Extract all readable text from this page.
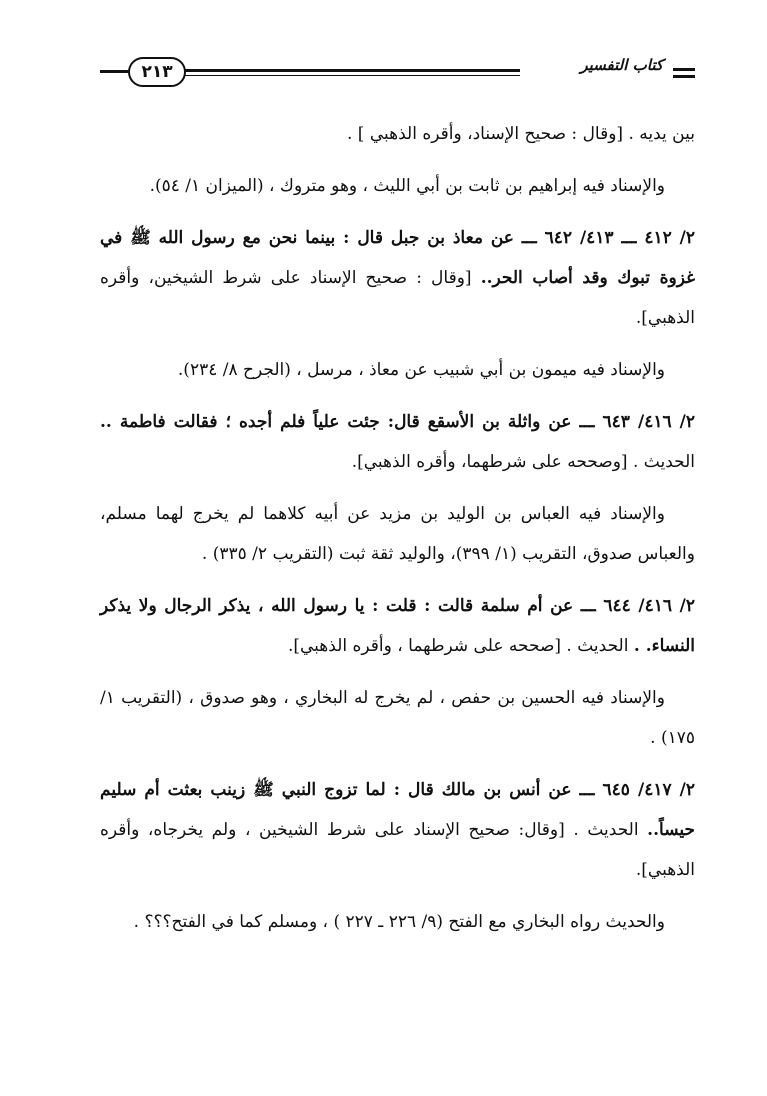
كتاب التفسير
٢١٣

بين يديه . [وقال : صحيح الإسناد، وأقره الذهبي ] .

والإسناد فيه إبراهيم بن ثابت بن أبي الليث ، وهو متروك ، (الميزان ١/ ٥٤).

٢/ ٤١٢ ـــ ٤١٣/ ٦٤٢ ـــ عن معاذ بن جبل قال : بينما نحن مع رسول الله ﷺ في غزوة تبوك وقد أصاب الحر.. [وقال : صحيح الإسناد على شرط الشيخين، وأقره الذهبي].

والإسناد فيه ميمون بن أبي شبيب عن معاذ ، مرسل ، (الجرح ٨/ ٢٣٤).

٢/ ٤١٦/ ٦٤٣ ـــ عن واثلة بن الأسقع قال: جئت علياً فلم أجده ؛ فقالت فاطمة .. الحديث . [وصححه على شرطهما، وأقره الذهبي].

والإسناد فيه العباس بن الوليد بن مزيد عن أبيه كلاهما لم يخرج لهما مسلم، والعباس صدوق، التقريب (١/ ٣٩٩)، والوليد ثقة ثبت (التقريب ٢/ ٣٣٥) .

٢/ ٤١٦/ ٦٤٤ ـــ عن أم سلمة قالت : قلت : يا رسول الله ، يذكر الرجال ولا يذكر النساء. . الحديث . [صححه على شرطهما ، وأقره الذهبي].

والإسناد فيه الحسين بن حفص ، لم يخرج له البخاري ، وهو صدوق ، (التقريب ١/ ١٧٥) .

٢/ ٤١٧/ ٦٤٥ ـــ عن أنس بن مالك قال : لما تزوج النبي ﷺ زينب بعثت أم سليم حيساً.. الحديث . [وقال: صحيح الإسناد على شرط الشيخين ، ولم يخرجاه، وأقره الذهبي].

والحديث رواه البخاري مع الفتح (٩/ ٢٢٦ ـ ٢٢٧ ) ، ومسلم كما في الفتح؟؟؟ .
